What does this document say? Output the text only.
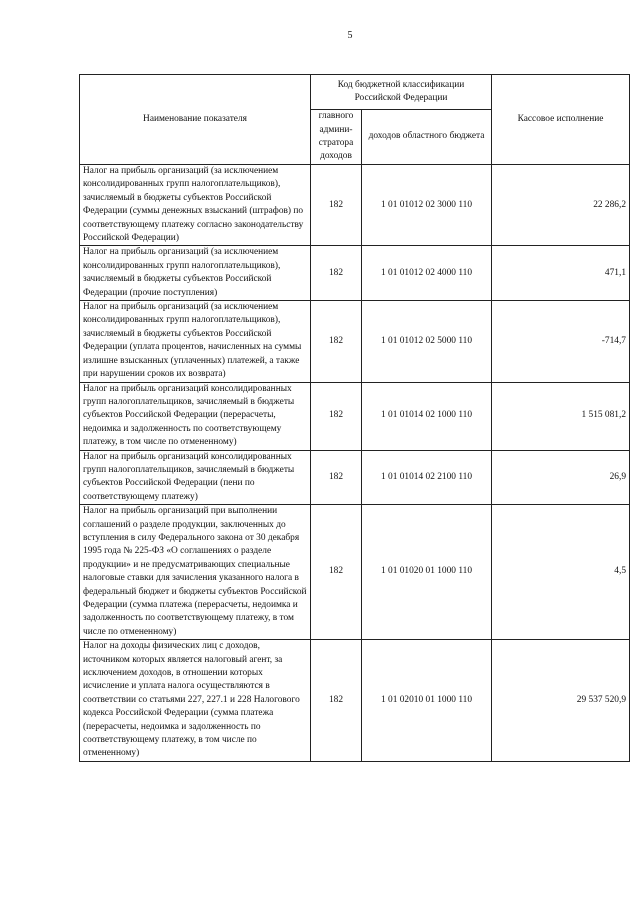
5
Наименование показателя	Код бюджетной классификации Российской Федерации		Кассовое исполнение
	главного админи- стратора доходов	доходов областного бюджета	
Налог на прибыль организаций (за исключением консолидированных групп налогоплательщиков), зачисляемый в бюджеты субъектов Российской Федерации (суммы денежных взысканий (штрафов) по соответствующему платежу согласно законодательству Российской Федерации)	182	1 01 01012 02 3000 110	22 286,2
Налог на прибыль организаций (за исключением консолидированных групп налогоплательщиков), зачисляемый в бюджеты субъектов Российской Федерации (прочие поступления)	182	1 01 01012 02 4000 110	471,1
Налог на прибыль организаций (за исключением консолидированных групп налогоплательщиков), зачисляемый в бюджеты субъектов Российской Федерации (уплата процентов, начисленных на суммы излишне взысканных (уплаченных) платежей, а также при нарушении сроков их возврата)	182	1 01 01012 02 5000 110	-714,7
Налог на прибыль организаций консолидированных групп налогоплательщиков, зачисляемый в бюджеты субъектов Российской Федерации (перерасчеты, недоимка и задолженность по соответствующему платежу, в том числе по отмененному)	182	1 01 01014 02 1000 110	1 515 081,2
Налог на прибыль организаций консолидированных групп налогоплательщиков, зачисляемый в бюджеты субъектов Российской Федерации (пени по соответствующему платежу)	182	1 01 01014 02 2100 110	26,9
Налог на прибыль организаций при выполнении соглашений о разделе продукции, заключенных до вступления в силу Федерального закона от 30 декабря 1995 года № 225-ФЗ «О соглашениях о разделе продукции» и не предусматривающих специальные налоговые ставки для зачисления указанного налога в федеральный бюджет и бюджеты субъектов Российской Федерации (сумма платежа (перерасчеты, недоимка и задолженность по соответствующему платежу, в том числе по отмененному)	182	1 01 01020 01 1000 110	4,5
Налог на доходы физических лиц с доходов, источником которых является налоговый агент, за исключением доходов, в отношении которых исчисление и уплата налога осуществляются в соответствии со статьями 227, 227.1 и 228 Налогового кодекса Российской Федерации (сумма платежа (перерасчеты, недоимка и задолженность по соответствующему платежу, в том числе по отмененному)	182	1 01 02010 01 1000 110	29 537 520,9
